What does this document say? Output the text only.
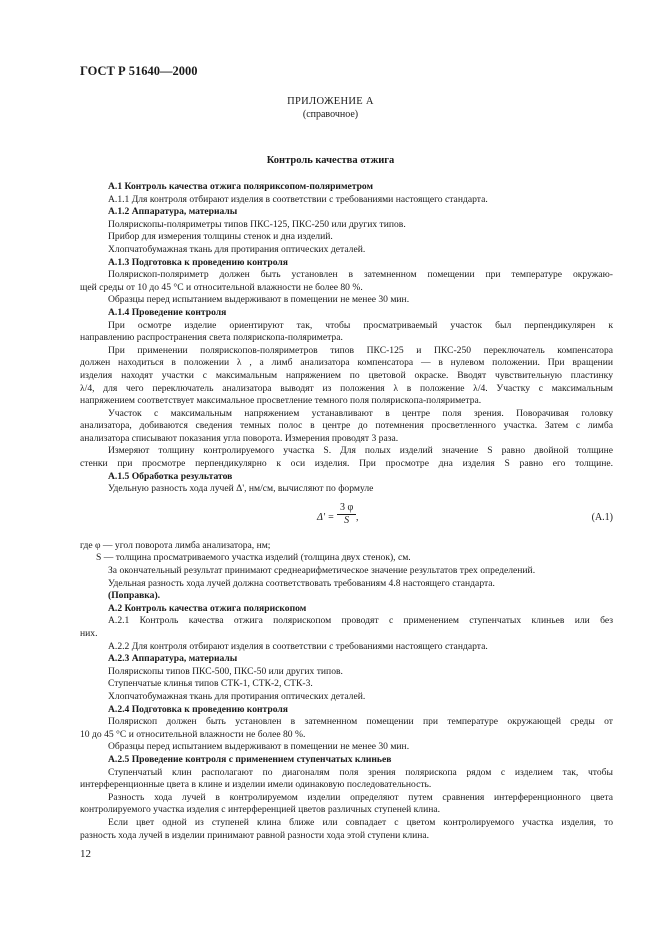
ГОСТ Р 51640—2000
ПРИЛОЖЕНИЕ А
(справочное)
Контроль качества отжига
А.1 Контроль качества отжига поляриксопом-поляриметром
А.1.1 Для контроля отбирают изделия в соответствии с требованиями настоящего стандарта.
А.1.2 Аппаратура, материалы
Полярископы-поляриметры типов ПКС-125, ПКС-250 или других типов.
Прибор для измерения толщины стенок и дна изделий.
Хлопчатобумажная ткань для протирания оптических деталей.
А.1.3 Подготовка к проведению контроля
Полярископ-поляриметр должен быть установлен в затемненном помещении при температуре окружаю-
щей среды от 10 до 45 °С и относительной влажности не более 80 %.
Образцы перед испытанием выдерживают в помещении не менее 30 мин.
А.1.4 Проведение контроля
При осмотре изделие ориентируют так, чтобы просматриваемый участок был перпендикулярен к
направлению распространения света полярископа-поляриметра.
При применении полярископов-поляриметров типов ПКС-125 и ПКС-250 переключатель компенсатора
должен находиться в положении λ , а лимб анализатора компенсатора — в нулевом положении. При вращении
изделия находят участки с максимальным напряжением по цветовой окраске. Вводят чувствительную пластинку
λ/4, для чего переключатель анализатора выводят из положения λ в положение λ/4. Участку с максимальным
напряжением соответствует максимальное просветление темного поля полярископа-поляриметра.
Участок с максимальным напряжением устанавливают в центре поля зрения. Поворачивая головку
анализатора, добиваются сведения темных полос в центре до потемнения просветленного участка. Затем с лимба
анализатора списывают показания угла поворота. Измерения проводят 3 раза.
Измеряют толщину контролируемого участка S. Для полых изделий значение S равно двойной толщине
стенки при просмотре перпендикулярно к оси изделия. При просмотре дна изделия S равно его толщине.
А.1.5 Обработка результатов
Удельную разность хода лучей Δ', нм/см, вычисляют по формуле
$\Delta' = \frac{3 \varphi}{S}$ ,	(А.1)
где φ — угол поворота лимба анализатора, нм;
S — толщина просматриваемого участка изделий (толщина двух стенок), см.
За окончательный результат принимают среднеарифметическое значение результатов трех определений.
Удельная разность хода лучей должна соответствовать требованиям 4.8 настоящего стандарта.
(Поправка).
А.2 Контроль качества отжига полярископом
А.2.1 Контроль качества отжига полярископом проводят с применением ступенчатых клиньев или без
них.
А.2.2 Для контроля отбирают изделия в соответствии с требованиями настоящего стандарта.
А.2.3 Аппаратура, материалы
Полярископы типов ПКС-500, ПКС-50 или других типов.
Ступенчатые клинья типов СТК-1, СТК-2, СТК-3.
Хлопчатобумажная ткань для протирания оптических деталей.
А.2.4 Подготовка к проведению контроля
Полярископ должен быть установлен в затемненном помещении при температуре окружающей среды от
10 до 45 °С и относительной влажности не более 80 %.
Образцы перед испытанием выдерживают в помещении не менее 30 мин.
А.2.5 Проведение контроля с применением ступенчатых клиньев
Ступенчатый клин располагают по диагоналям поля зрения полярископа рядом с изделием так, чтобы
интерференционные цвета в клине и изделии имели одинаковую последовательность.
Разность хода лучей в контролируемом изделии определяют путем сравнения интерференционного цвета
контролируемого участка изделия с интерференцией цветов различных ступеней клина.
Если цвет одной из ступеней клина ближе или совпадает с цветом контролируемого участка изделия, то
разность хода лучей в изделии принимают равной разности хода этой ступени клина.
12
